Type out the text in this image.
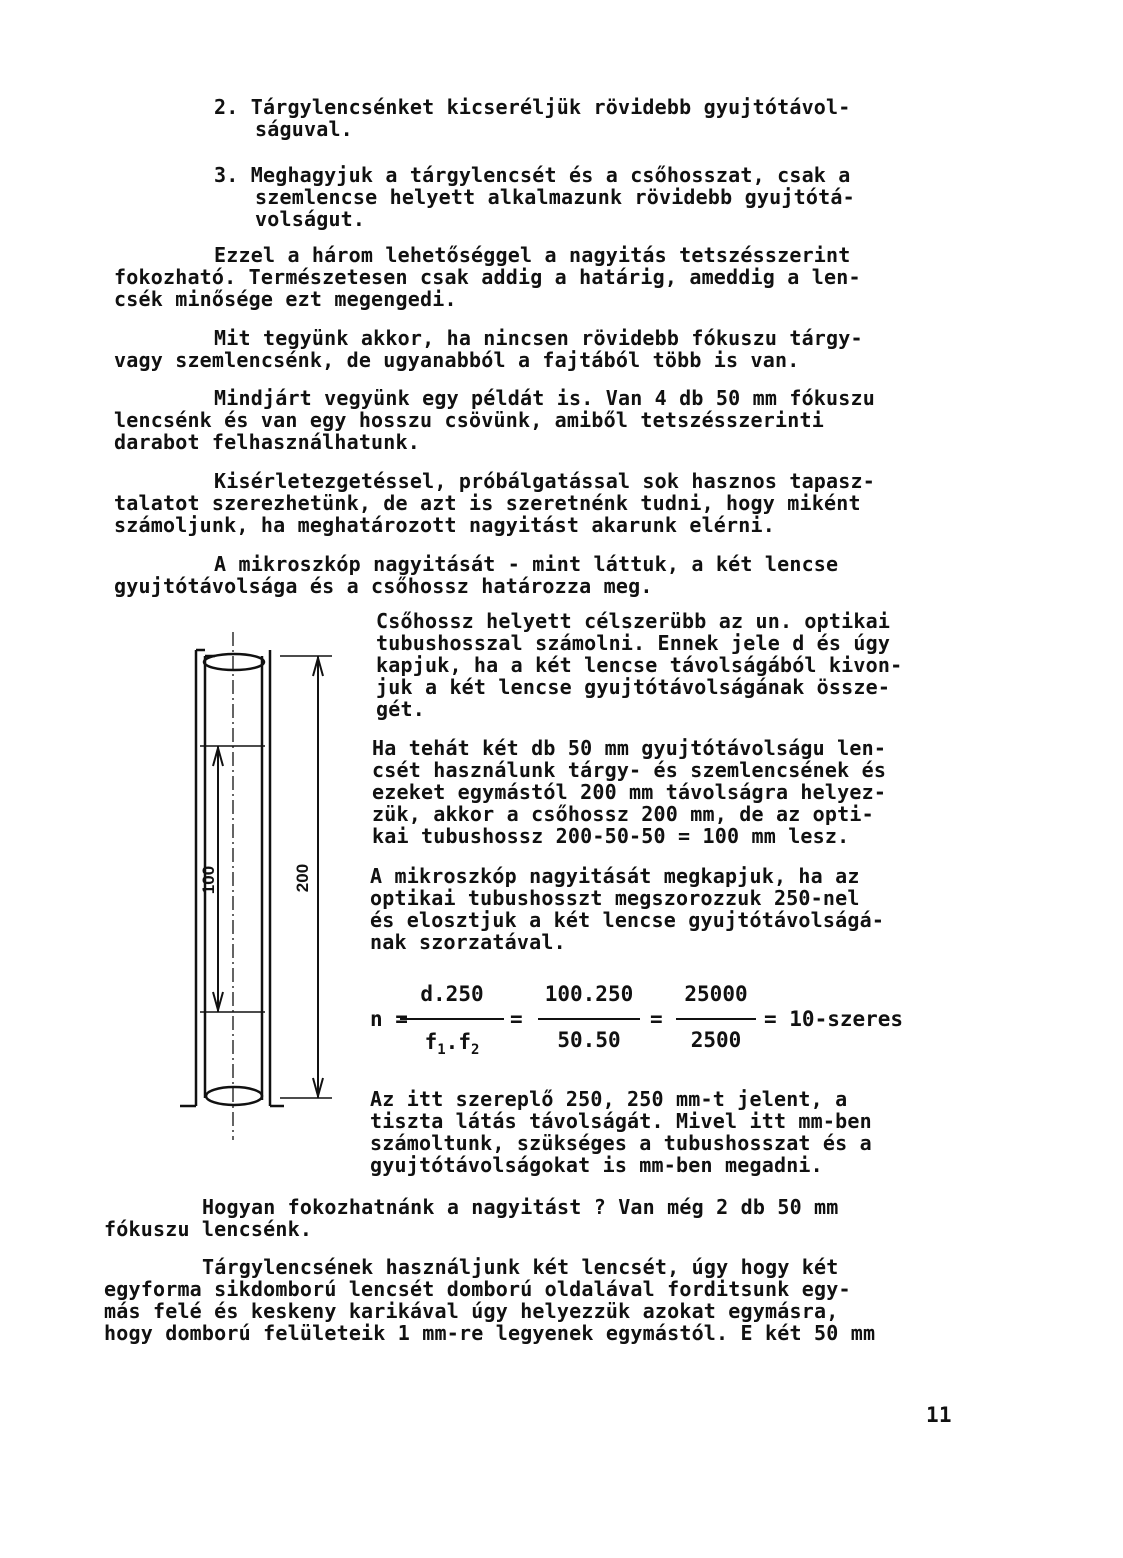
2. Tárgylencsénket kicseréljük rövidebb gyujtótávol-
ságuval.
3. Meghagyjuk a tárgylencsét és a csőhosszat, csak a
szemlencse helyett alkalmazunk rövidebb gyujtótá-
volságut.
Ezzel a három lehetőséggel a nagyitás tetszésszerint
fokozható. Természetesen csak addig a határig, ameddig a len-
csék minősége ezt megengedi.
Mit tegyünk akkor, ha nincsen rövidebb fókuszu tárgy-
vagy szemlencsénk, de ugyanabból a fajtából több is van.
Mindjárt vegyünk egy példát is. Van 4 db 50 mm fókuszu
lencsénk és van egy hosszu csövünk, amiből tetszésszerinti
darabot felhasználhatunk.
Kisérletezgetéssel, próbálgatással sok hasznos tapasz-
talatot szerezhetünk, de azt is szeretnénk tudni, hogy miként
számoljunk, ha meghatározott nagyitást akarunk elérni.
A mikroszkóp nagyitását - mint láttuk, a két lencse
gyujtótávolsága és a csőhossz határozza meg.
Csőhossz helyett célszerübb az un. optikai
tubushosszal számolni. Ennek jele d és úgy
kapjuk, ha a két lencse távolságából kivon-
juk a két lencse gyujtótávolságának össze-
gét.
Ha tehát két db 50 mm gyujtótávolságu len-
csét használunk tárgy- és szemlencsének és
ezeket egymástól 200 mm távolságra helyez-
zük, akkor a csőhossz 200 mm, de az opti-
kai tubushossz 200-50-50 = 100 mm lesz.
A mikroszkóp nagyitását megkapjuk, ha az
optikai tubushosszt megszorozzuk 250-nel
és elosztjuk a két lencse gyujtótávolságá-
nak szorzatával.
n =
d.250
$f_1.f_2$
=
100.250
50.50
=
25000
2500
= 10-szeres
Az itt szereplő 250, 250 mm-t jelent, a
tiszta látás távolságát. Mivel itt mm-ben
számoltunk, szükséges a tubushosszat és a
gyujtótávolságokat is mm-ben megadni.
Hogyan fokozhatnánk a nagyitást ? Van még 2 db 50 mm
fókuszu lencsénk.
Tárgylencsének használjunk két lencsét, úgy hogy két
egyforma sikdomború lencsét domború oldalával forditsunk egy-
más felé és keskeny karikával úgy helyezzük azokat egymásra,
hogy domború felületeik 1 mm-re legyenek egymástól. E két 50 mm
11
100	200
